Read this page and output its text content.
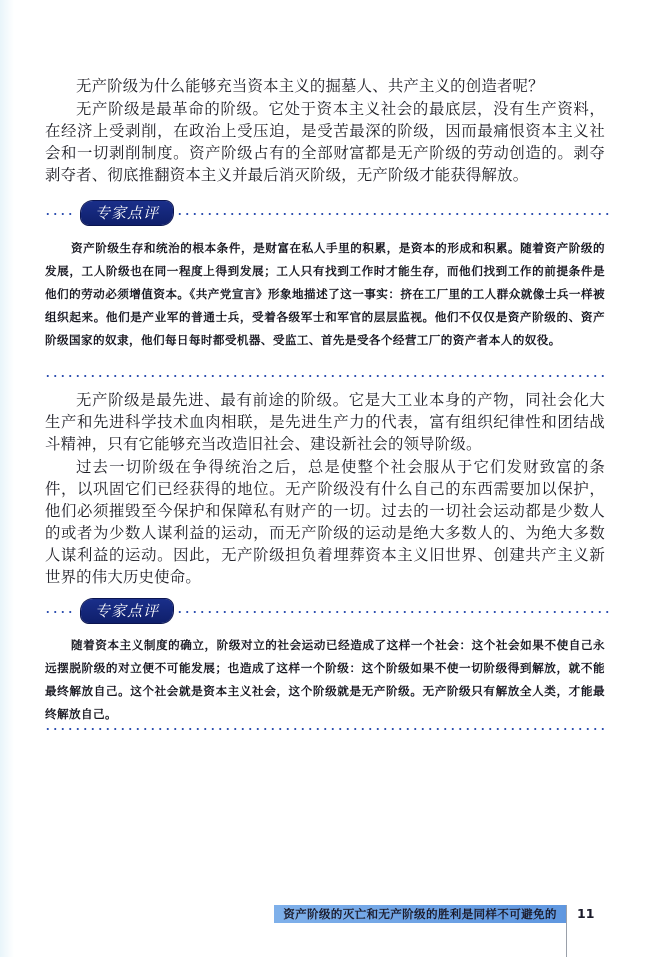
无产阶级为什么能够充当资本主义的掘墓人、共产主义的创造者呢？

无产阶级是最革命的阶级。它处于资本主义社会的最底层，没有生产资料，在经济上受剥削，在政治上受压迫，是受苦最深的阶级，因而最痛恨资本主义社会和一切剥削制度。资产阶级占有的全部财富都是无产阶级的劳动创造的。剥夺剥夺者、彻底推翻资本主义并最后消灭阶级，无产阶级才能获得解放。

专家点评

资产阶级生存和统治的根本条件，是财富在私人手里的积累，是资本的形成和积累。随着资产阶级的发展，工人阶级也在同一程度上得到发展；工人只有找到工作时才能生存，而他们找到工作的前提条件是他们的劳动必须增值资本。《共产党宣言》形象地描述了这一事实：挤在工厂里的工人群众就像士兵一样被组织起来。他们是产业军的普通士兵，受着各级军士和军官的层层监视。他们不仅仅是资产阶级的、资产阶级国家的奴隶，他们每日每时都受机器、受监工、首先是受各个经营工厂的资产者本人的奴役。

无产阶级是最先进、最有前途的阶级。它是大工业本身的产物，同社会化大生产和先进科学技术血肉相联，是先进生产力的代表，富有组织纪律性和团结战斗精神，只有它能够充当改造旧社会、建设新社会的领导阶级。

过去一切阶级在争得统治之后，总是使整个社会服从于它们发财致富的条件，以巩固它们已经获得的地位。无产阶级没有什么自己的东西需要加以保护，他们必须摧毁至今保护和保障私有财产的一切。过去的一切社会运动都是少数人的或者为少数人谋利益的运动，而无产阶级的运动是绝大多数人的、为绝大多数人谋利益的运动。因此，无产阶级担负着埋葬资本主义旧世界、创建共产主义新世界的伟大历史使命。

专家点评

随着资本主义制度的确立，阶级对立的社会运动已经造成了这样一个社会：这个社会如果不使自己永远摆脱阶级的对立便不可能发展；也造成了这样一个阶级：这个阶级如果不使一切阶级得到解放，就不能最终解放自己。这个社会就是资本主义社会，这个阶级就是无产阶级。无产阶级只有解放全人类，才能最终解放自己。

资产阶级的灭亡和无产阶级的胜利是同样不可避免的	11
